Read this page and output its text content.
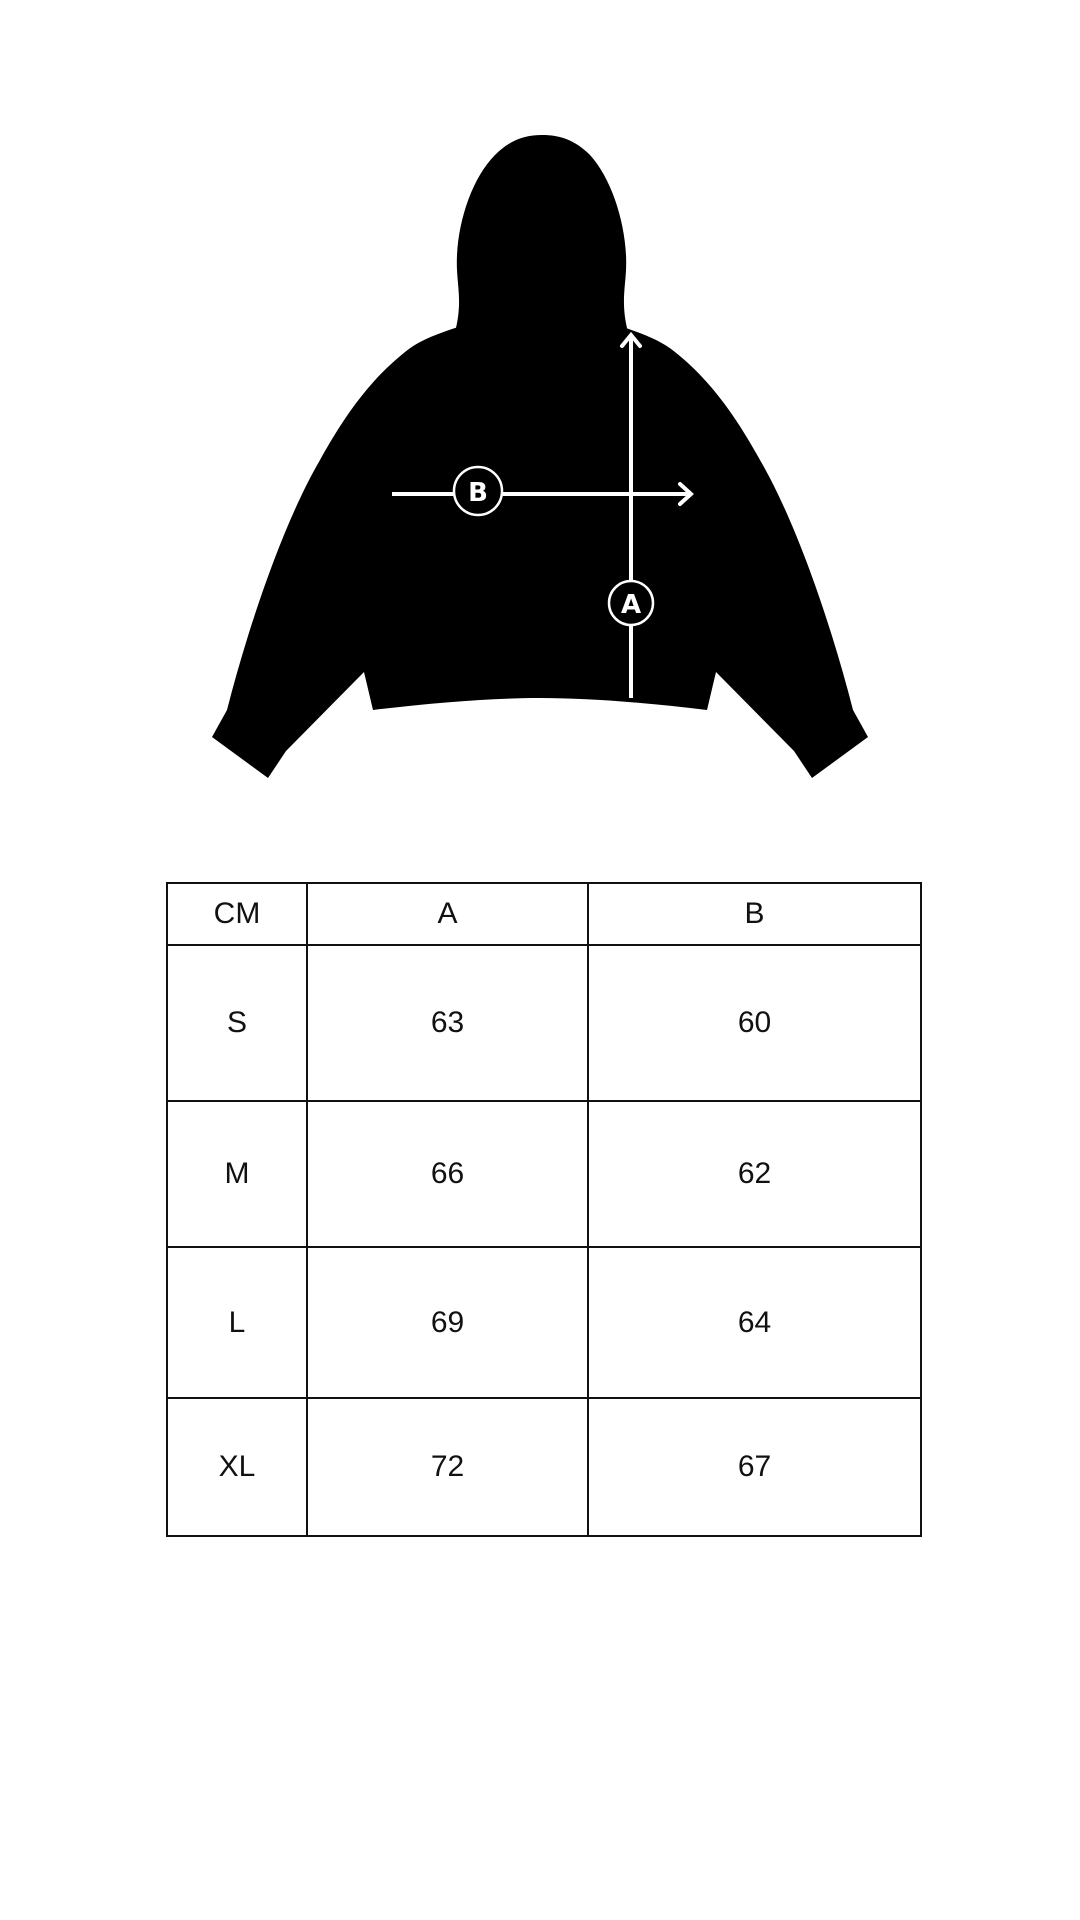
B
A
CM	A	B
S	63	60
M	66	62
L	69	64
XL	72	67
